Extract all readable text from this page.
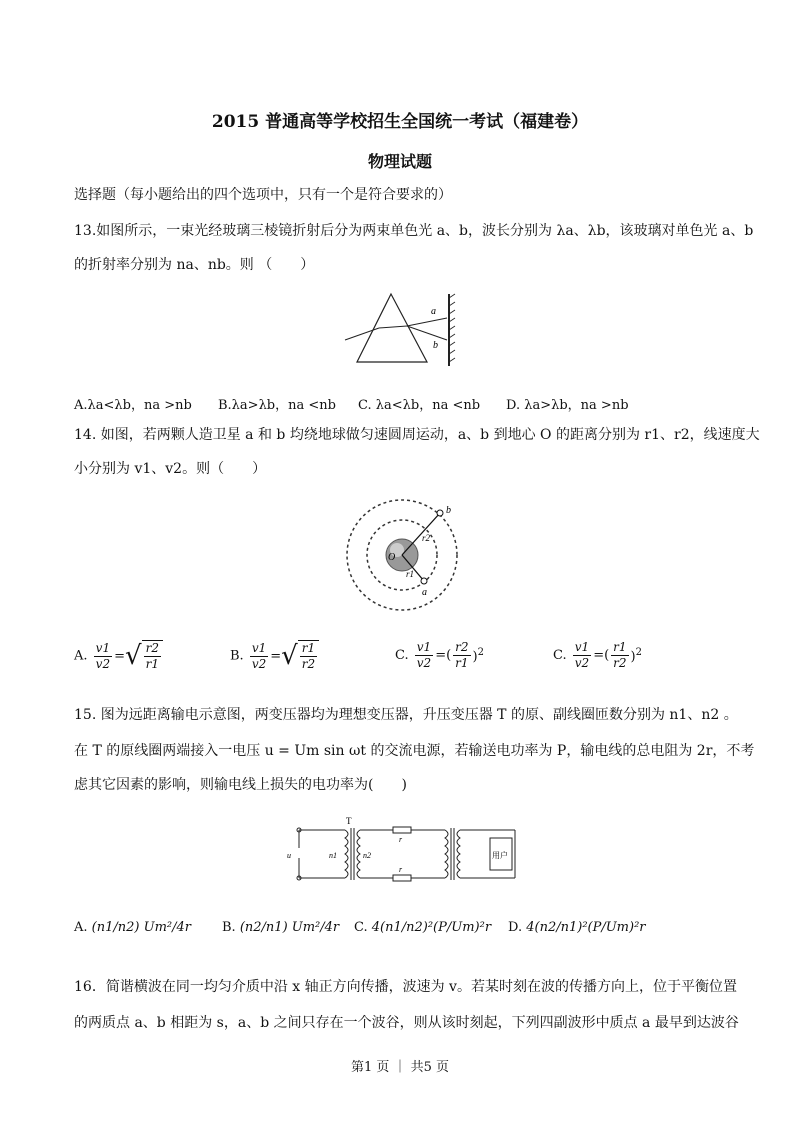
2015 普通高等学校招生全国统一考试（福建卷）
物理试题
选择题（每小题给出的四个选项中，只有一个是符合要求的）
13.如图所示，一束光经玻璃三棱镜折射后分为两束单色光 a、b，波长分别为 λa、λb，该玻璃对单色光 a、b
的折射率分别为 na、nb。则 （　　）
a
b
A.λa<λb，na >nb B.λa>λb，na <nb C. λa<λb，na <nb D. λa>λb，na >nb
14. 如图，若两颗人造卫星 a 和 b 均绕地球做匀速圆周运动，a、b 到地心 O 的距离分别为 r1、r2，线速度大
小分别为 v1、v2。则（　　）
O
b
a
r2
r1
A. $\frac{v1}{v2}$ = √ $\frac{r2}{r1}$	B. $\frac{v1}{v2}$ = √ $\frac{r1}{r2}$	C. $\frac{v1}{v2}$ =( $\frac{r2}{r1} )^2$	C. $\frac{v1}{v2}$ =( $\frac{r1}{r2} )^2$
15. 图为远距离输电示意图，两变压器均为理想变压器，升压变压器 T 的原、副线圈匝数分别为 n1、n2 。
在 T 的原线圈两端接入一电压 u = Um sin ωt 的交流电源，若输送电功率为 P，输电线的总电阻为 2r，不考
虑其它因素的影响，则输电线上损失的电功率为(　　)
u
T
n1	n2
r
r
用户
A. (n1/n2) Um²/4r B. (n2/n1) Um²/4r C. 4(n1/n2)²(P/Um)²r D. 4(n2/n1)²(P/Um)²r
16．简谐横波在同一均匀介质中沿 x 轴正方向传播，波速为 v。若某时刻在波的传播方向上，位于平衡位置
的两质点 a、b 相距为 s，a、b 之间只存在一个波谷，则从该时刻起，下列四副波形中质点 a 最早到达波谷
第1 页 ｜ 共5 页
